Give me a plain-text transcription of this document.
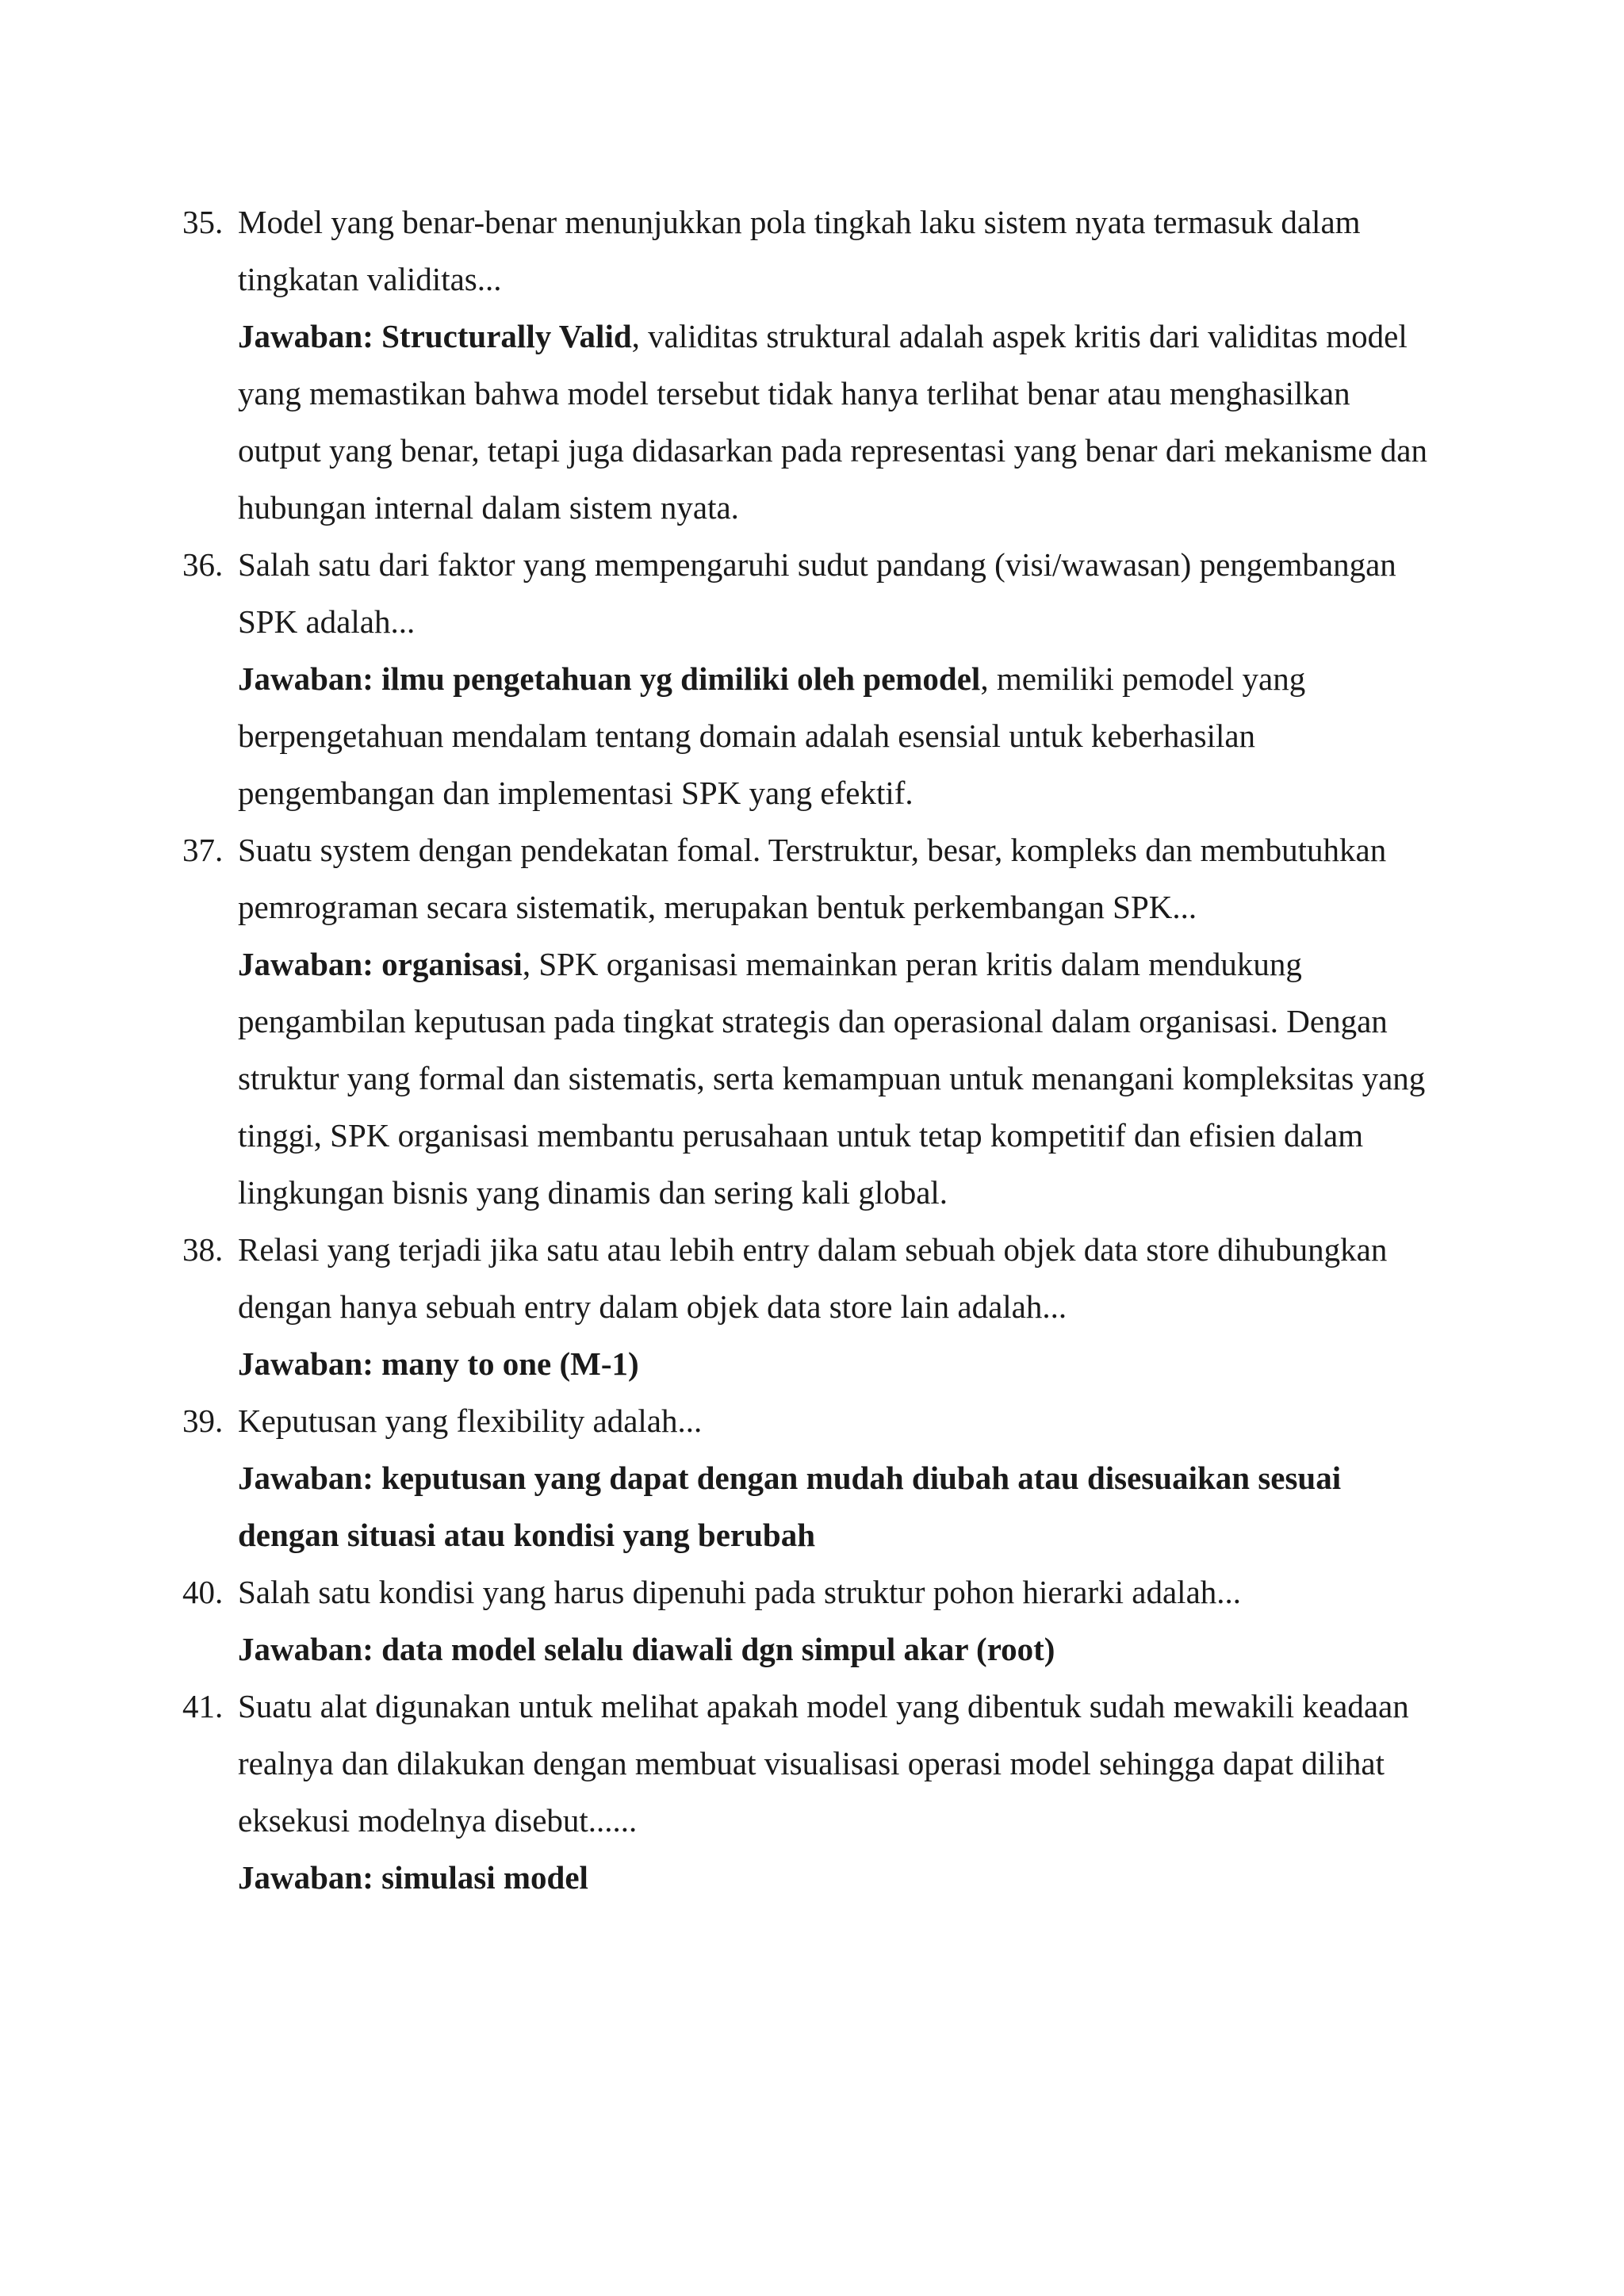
35. Model yang benar-benar menunjukkan pola tingkah laku sistem nyata termasuk dalam tingkatan validitas...

Jawaban: Structurally Valid, validitas struktural adalah aspek kritis dari validitas model yang memastikan bahwa model tersebut tidak hanya terlihat benar atau menghasilkan output yang benar, tetapi juga didasarkan pada representasi yang benar dari mekanisme dan hubungan internal dalam sistem nyata.

36. Salah satu dari faktor yang mempengaruhi sudut pandang (visi/wawasan) pengembangan SPK adalah...

Jawaban: ilmu pengetahuan yg dimiliki oleh pemodel, memiliki pemodel yang berpengetahuan mendalam tentang domain adalah esensial untuk keberhasilan pengembangan dan implementasi SPK yang efektif.

37. Suatu system dengan pendekatan fomal. Terstruktur, besar, kompleks dan membutuhkan pemrograman secara sistematik, merupakan bentuk perkembangan SPK...

Jawaban: organisasi, SPK organisasi memainkan peran kritis dalam mendukung pengambilan keputusan pada tingkat strategis dan operasional dalam organisasi. Dengan struktur yang formal dan sistematis, serta kemampuan untuk menangani kompleksitas yang tinggi, SPK organisasi membantu perusahaan untuk tetap kompetitif dan efisien dalam lingkungan bisnis yang dinamis dan sering kali global.

38. Relasi yang terjadi jika satu atau lebih entry dalam sebuah objek data store dihubungkan dengan hanya sebuah entry dalam objek data store lain adalah...

Jawaban: many to one (M-1)

39. Keputusan yang flexibility adalah...

Jawaban: keputusan yang dapat dengan mudah diubah atau disesuaikan sesuai dengan situasi atau kondisi yang berubah

40. Salah satu kondisi yang harus dipenuhi pada struktur pohon hierarki adalah...

Jawaban: data model selalu diawali dgn simpul akar (root)

41. Suatu alat digunakan untuk melihat apakah model yang dibentuk sudah mewakili keadaan realnya dan dilakukan dengan membuat visualisasi operasi model sehingga dapat dilihat eksekusi modelnya disebut......

Jawaban: simulasi model
